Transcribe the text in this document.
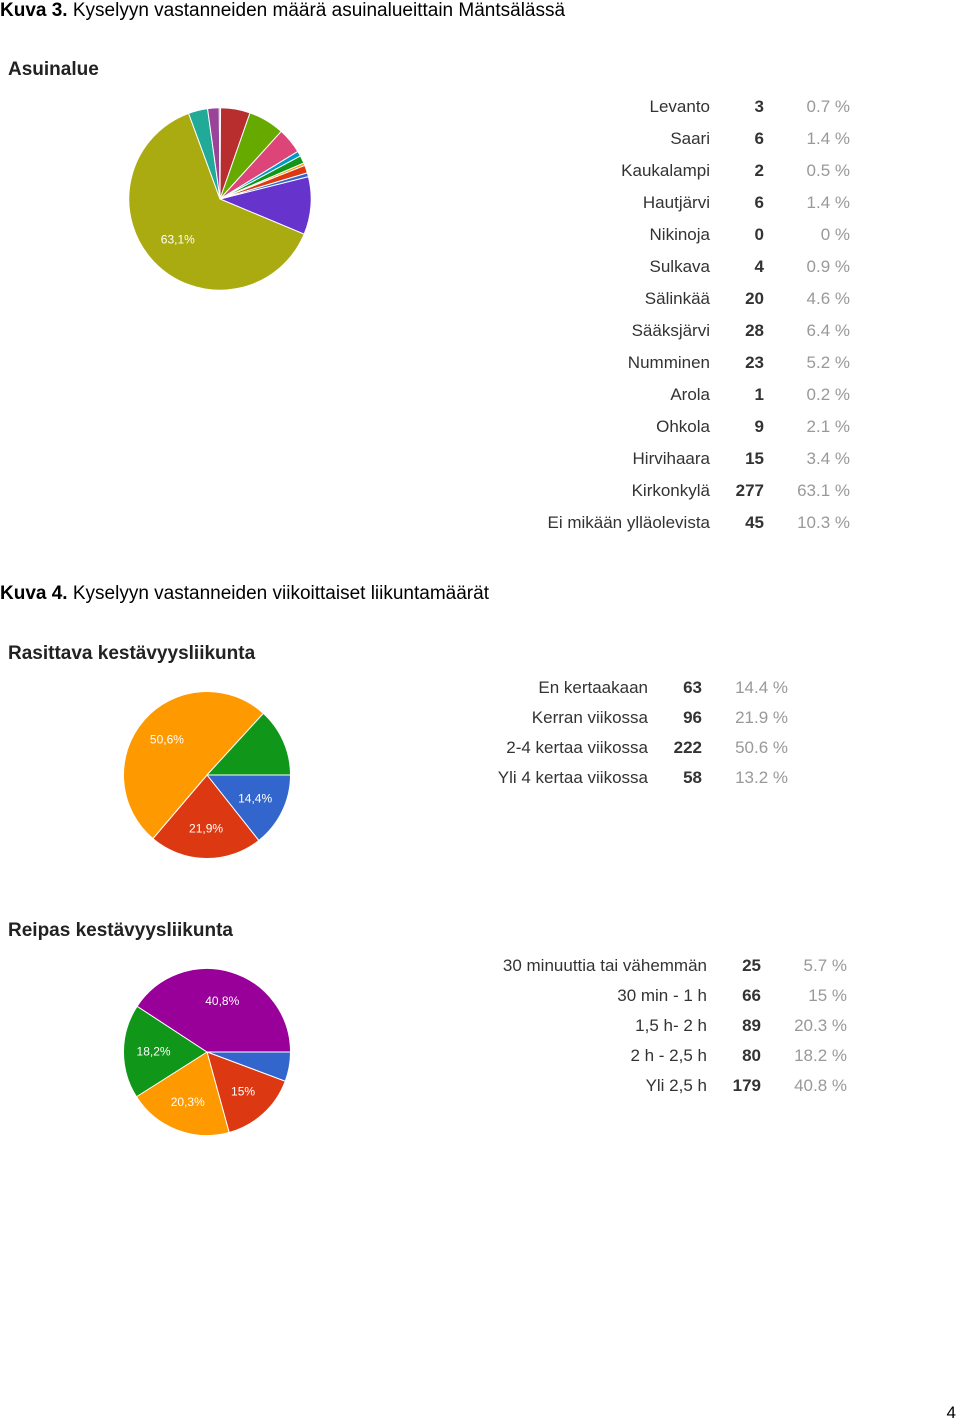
Kuva 3. Kyselyyn vastanneiden määrä asuinalueittain Mäntsälässä
Asuinalue
63,1%
Levanto	3	0.7 %
Saari	6	1.4 %
Kaukalampi	2	0.5 %
Hautjärvi	6	1.4 %
Nikinoja	0	0 %
Sulkava	4	0.9 %
Sälinkää	20	4.6 %
Sääksjärvi	28	6.4 %
Numminen	23	5.2 %
Arola	1	0.2 %
Ohkola	9	2.1 %
Hirvihaara	15	3.4 %
Kirkonkylä	277	63.1 %
Ei mikään ylläolevista	45	10.3 %
Kuva 4. Kyselyyn vastanneiden viikoittaiset liikuntamäärät
Rasittava kestävyysliikunta
14,4%
21,9%
50,6%
En kertaakaan	63	14.4 %
Kerran viikossa	96	21.9 %
2-4 kertaa viikossa	222	50.6 %
Yli 4 kertaa viikossa	58	13.2 %
Reipas kestävyysliikunta
15%
20,3%
18,2%
40,8%
30 minuuttia tai vähemmän	25	5.7 %
30 min - 1 h	66	15 %
1,5 h- 2 h	89	20.3 %
2 h - 2,5 h	80	18.2 %
Yli 2,5 h	179	40.8 %
4
